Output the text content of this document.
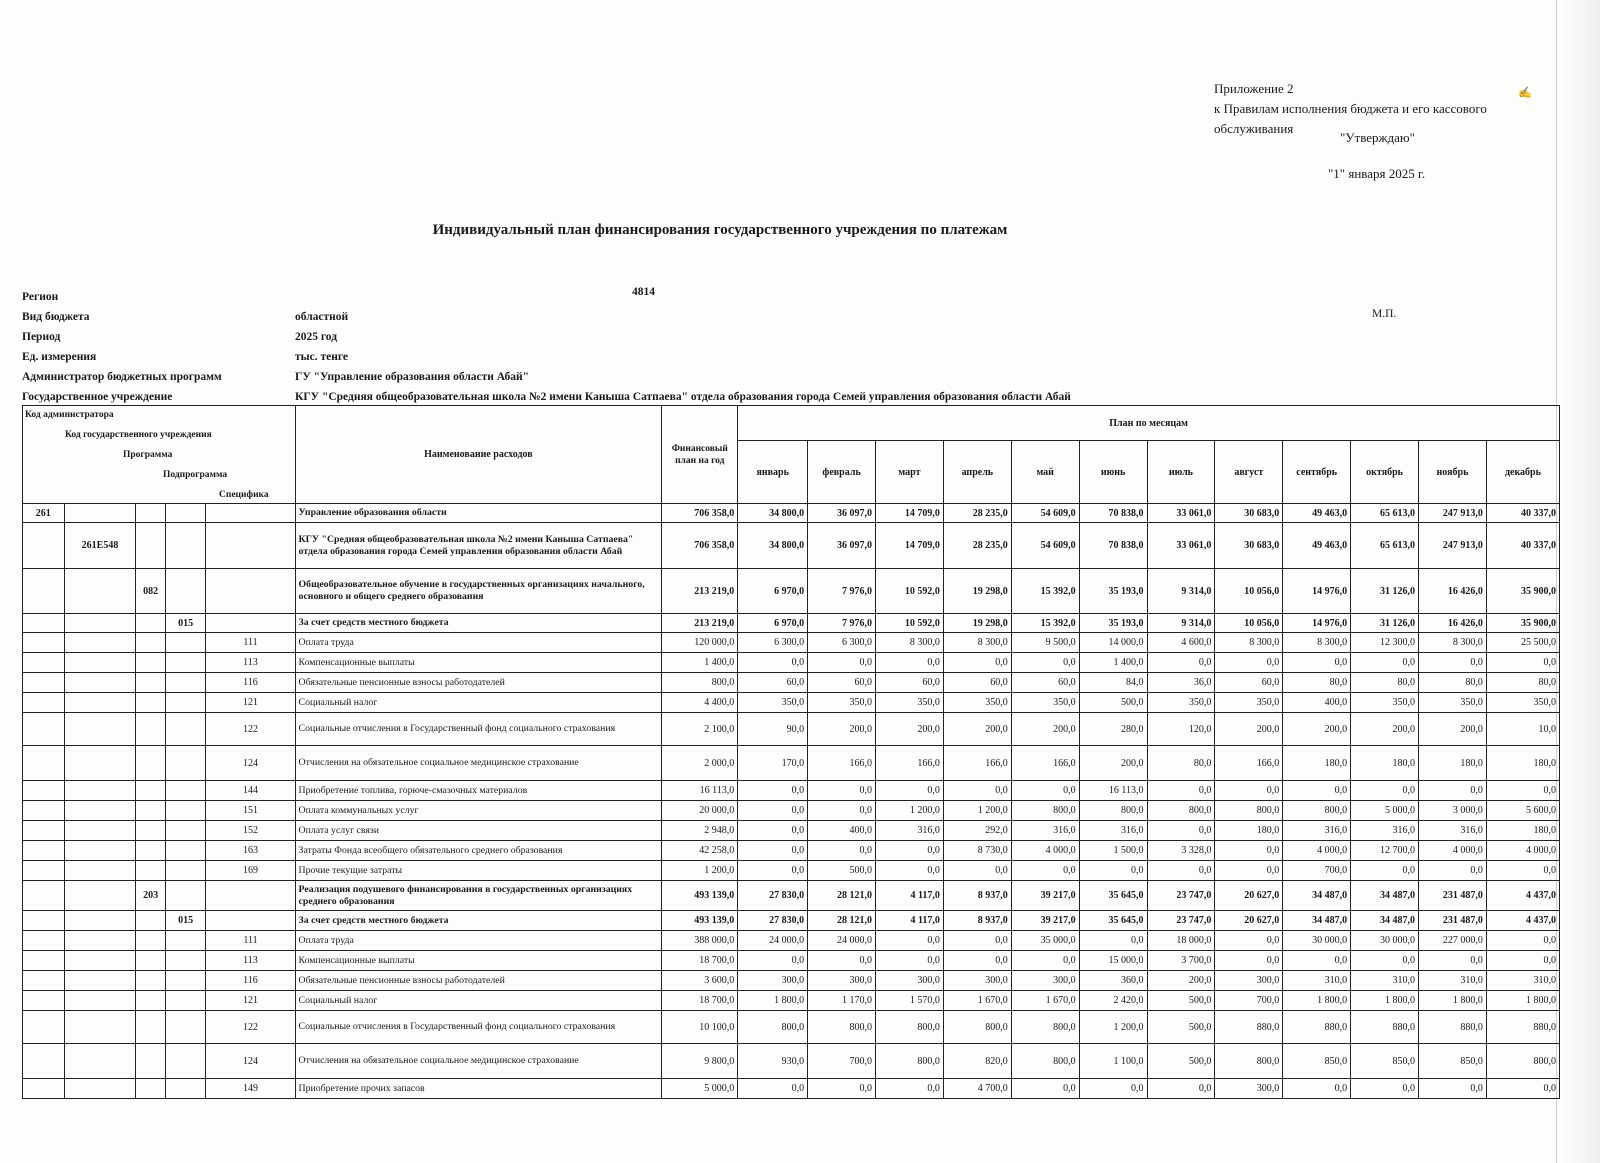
Приложение 2
к Правилам исполнения бюджета и его кассового обслуживания
✍
"Утверждаю"
"1" января 2025 г.
Индивидуальный план финансирования государственного учреждения по платежам
Регион	4814
Вид бюджета	областной
Период	2025 год
Ед. измерения	тыс. тенге
Администратор бюджетных программ	ГУ "Управление образования области Абай"
Государственное учреждение	КГУ "Средняя общеобразовательная школа №2 имени Каныша Сатпаева" отдела образования города Семей управления образования области Абай
М.П.
Код администратора
Код государственного учреждения
Программа
Подпрограмма
Специфика					Наименование расходов	Финансовый план на год	План по месяцам											
							январь	февраль	март	апрель	май	июнь	июль	август	сентябрь	октябрь	ноябрь	декабрь
261					Управление образования области	706 358,0	34 800,0	36 097,0	14 709,0	28 235,0	54 609,0	70 838,0	33 061,0	30 683,0	49 463,0	65 613,0	247 913,0	40 337,0
	261E548				КГУ "Средняя общеобразовательная школа №2 имени Каныша Сатпаева" отдела образования города Семей управления образования области Абай	706 358,0	34 800,0	36 097,0	14 709,0	28 235,0	54 609,0	70 838,0	33 061,0	30 683,0	49 463,0	65 613,0	247 913,0	40 337,0
		082			Общеобразовательное обучение в государственных организациях начального, основного и общего среднего образования	213 219,0	6 970,0	7 976,0	10 592,0	19 298,0	15 392,0	35 193,0	9 314,0	10 056,0	14 976,0	31 126,0	16 426,0	35 900,0
			015		За счет средств местного бюджета	213 219,0	6 970,0	7 976,0	10 592,0	19 298,0	15 392,0	35 193,0	9 314,0	10 056,0	14 976,0	31 126,0	16 426,0	35 900,0
				111	Оплата труда	120 000,0	6 300,0	6 300,0	8 300,0	8 300,0	9 500,0	14 000,0	4 600,0	8 300,0	8 300,0	12 300,0	8 300,0	25 500,0
				113	Компенсационные выплаты	1 400,0	0,0	0,0	0,0	0,0	0,0	1 400,0	0,0	0,0	0,0	0,0	0,0	0,0
				116	Обязательные пенсионные взносы работодателей	800,0	60,0	60,0	60,0	60,0	60,0	84,0	36,0	60,0	80,0	80,0	80,0	80,0
				121	Социальный налог	4 400,0	350,0	350,0	350,0	350,0	350,0	500,0	350,0	350,0	400,0	350,0	350,0	350,0
				122	Социальные отчисления в Государственный фонд социального страхования	2 100,0	90,0	200,0	200,0	200,0	200,0	280,0	120,0	200,0	200,0	200,0	200,0	10,0
				124	Отчисления на обязательное социальное медицинское страхование	2 000,0	170,0	166,0	166,0	166,0	166,0	200,0	80,0	166,0	180,0	180,0	180,0	180,0
				144	Приобретение топлива, горюче-смазочных материалов	16 113,0	0,0	0,0	0,0	0,0	0,0	16 113,0	0,0	0,0	0,0	0,0	0,0	0,0
				151	Оплата коммунальных услуг	20 000,0	0,0	0,0	1 200,0	1 200,0	800,0	800,0	800,0	800,0	800,0	5 000,0	3 000,0	5 600,0
				152	Оплата услуг связи	2 948,0	0,0	400,0	316,0	292,0	316,0	316,0	0,0	180,0	316,0	316,0	316,0	180,0
				163	Затраты Фонда всеобщего обязательного среднего образования	42 258,0	0,0	0,0	0,0	8 730,0	4 000,0	1 500,0	3 328,0	0,0	4 000,0	12 700,0	4 000,0	4 000,0
				169	Прочие текущие затраты	1 200,0	0,0	500,0	0,0	0,0	0,0	0,0	0,0	0,0	700,0	0,0	0,0	0,0
		203			Реализация подушевого финансирования в государственных организациях среднего образования	493 139,0	27 830,0	28 121,0	4 117,0	8 937,0	39 217,0	35 645,0	23 747,0	20 627,0	34 487,0	34 487,0	231 487,0	4 437,0
			015		За счет средств местного бюджета	493 139,0	27 830,0	28 121,0	4 117,0	8 937,0	39 217,0	35 645,0	23 747,0	20 627,0	34 487,0	34 487,0	231 487,0	4 437,0
				111	Оплата труда	388 000,0	24 000,0	24 000,0	0,0	0,0	35 000,0	0,0	18 000,0	0,0	30 000,0	30 000,0	227 000,0	0,0
				113	Компенсационные выплаты	18 700,0	0,0	0,0	0,0	0,0	0,0	15 000,0	3 700,0	0,0	0,0	0,0	0,0	0,0
				116	Обязательные пенсионные взносы работодателей	3 600,0	300,0	300,0	300,0	300,0	300,0	360,0	200,0	300,0	310,0	310,0	310,0	310,0
				121	Социальный налог	18 700,0	1 800,0	1 170,0	1 570,0	1 670,0	1 670,0	2 420,0	500,0	700,0	1 800,0	1 800,0	1 800,0	1 800,0
				122	Социальные отчисления в Государственный фонд социального страхования	10 100,0	800,0	800,0	800,0	800,0	800,0	1 200,0	500,0	880,0	880,0	880,0	880,0	880,0
				124	Отчисления на обязательное социальное медицинское страхование	9 800,0	930,0	700,0	800,0	820,0	800,0	1 100,0	500,0	800,0	850,0	850,0	850,0	800,0
				149	Приобретение прочих запасов	5 000,0	0,0	0,0	0,0	4 700,0	0,0	0,0	0,0	300,0	0,0	0,0	0,0	0,0
